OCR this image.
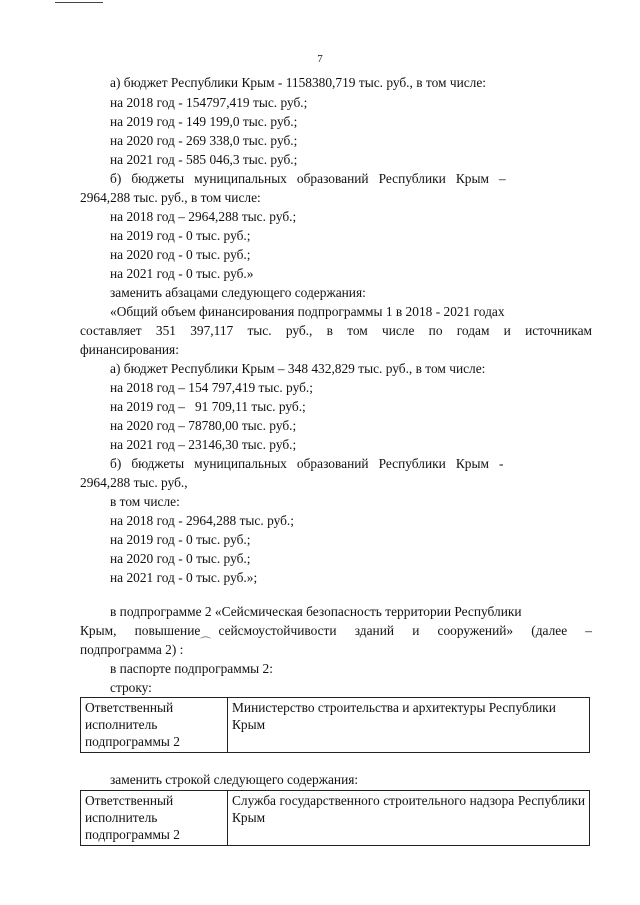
7
а) бюджет Республики Крым - 1158380,719 тыс. руб., в том числе:
на 2018 год - 154797,419 тыс. руб.;
на 2019 год - 149 199,0 тыс. руб.;
на 2020 год - 269 338,0 тыс. руб.;
на 2021 год - 585 046,3 тыс. руб.;
б)   бюджеты   муниципальных   образований   Республики   Крым   –
2964,288 тыс. руб., в том числе:
на 2018 год – 2964,288 тыс. руб.;
на 2019 год - 0 тыс. руб.;
на 2020 год - 0 тыс. руб.;
на 2021 год - 0 тыс. руб.»
заменить абзацами следующего содержания:
«Общий объем финансирования подпрограммы 1 в 2018 - 2021 годах
составляет 351 397,117 тыс. руб., в том числе по годам и источникам
финансирования:
а) бюджет Республики Крым – 348 432,829 тыс. руб., в том числе:
на 2018 год – 154 797,419 тыс. руб.;
на 2019 год –   91 709,11 тыс. руб.;
на 2020 год – 78780,00 тыс. руб.;
на 2021 год – 23146,30 тыс. руб.;
б)   бюджеты   муниципальных   образований   Республики   Крым   -
2964,288 тыс. руб.,
в том числе:
на 2018 год - 2964,288 тыс. руб.;
на 2019 год - 0 тыс. руб.;
на 2020 год - 0 тыс. руб.;
на 2021 год - 0 тыс. руб.»;
в подпрограмме 2 «Сейсмическая безопасность территории Республики
Крым, повышение сейсмоустойчивости зданий и сооружений» (далее –
подпрограмма 2) : ⌒
в паспорте подпрограммы 2:
строку:
Ответственный исполнитель подпрограммы 2	Министерство строительства и архитектуры Республики Крым
заменить строкой следующего содержания:
Ответственный исполнитель подпрограммы 2	Служба государственного строительного надзора Республики Крым
